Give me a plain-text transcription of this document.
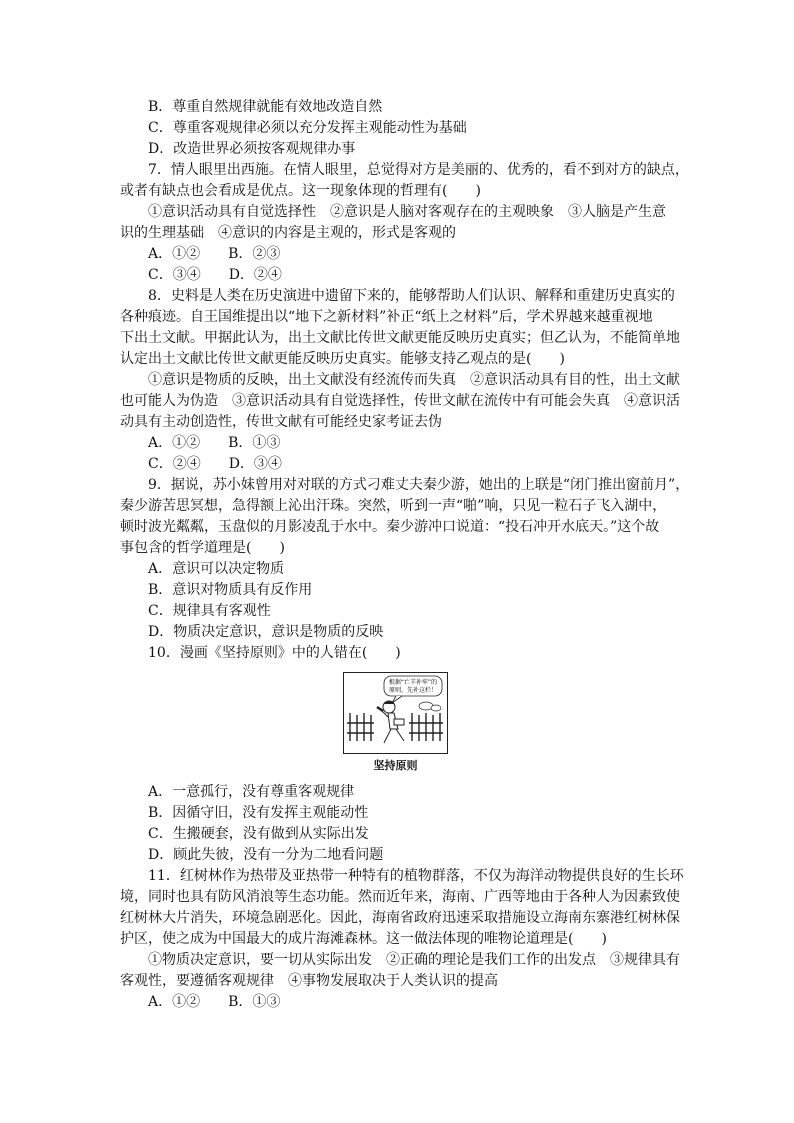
B．尊重自然规律就能有效地改造自然
C．尊重客观规律必须以充分发挥主观能动性为基础
D．改造世界必须按客观规律办事
7．情人眼里出西施。在情人眼里，总觉得对方是美丽的、优秀的，看不到对方的缺点，
或者有缺点也会看成是优点。这一现象体现的哲理有(　　)
①意识活动具有自觉选择性　②意识是人脑对客观存在的主观映象　③人脑是产生意
识的生理基础　④意识的内容是主观的，形式是客观的
A．①②　　B．②③
C．③④　　D．②④
8．史料是人类在历史演进中遗留下来的，能够帮助人们认识、解释和重建历史真实的
各种痕迹。自王国维提出以“地下之新材料”补正“纸上之材料”后，学术界越来越重视地
下出土文献。甲据此认为，出土文献比传世文献更能反映历史真实；但乙认为，不能简单地
认定出土文献比传世文献更能反映历史真实。能够支持乙观点的是(　　)
①意识是物质的反映，出土文献没有经流传而失真　②意识活动具有目的性，出土文献
也可能人为伪造　③意识活动具有自觉选择性，传世文献在流传中有可能会失真　④意识活
动具有主动创造性，传世文献有可能经史家考证去伪
A．①②　　B．①③
C．②④　　D．③④
9．据说，苏小妹曾用对对联的方式刁难丈夫秦少游，她出的上联是“闭门推出窗前月”，
秦少游苦思冥想，急得额上沁出汗珠。突然，听到一声“啪”响，只见一粒石子飞入湖中，
顿时波光粼粼，玉盘似的月影凌乱于水中。秦少游冲口说道：“投石冲开水底天。”这个故
事包含的哲学道理是(　　)
A．意识可以决定物质
B．意识对物质具有反作用
C．规律具有客观性
D．物质决定意识，意识是物质的反映
10．漫画《坚持原则》中的人错在(　　)
根据“亡羊补牢”的
原则，先补这栏！
坚持原则
A．一意孤行，没有尊重客观规律
B．因循守旧，没有发挥主观能动性
C．生搬硬套，没有做到从实际出发
D．顾此失彼，没有一分为二地看问题
11．红树林作为热带及亚热带一种特有的植物群落，不仅为海洋动物提供良好的生长环
境，同时也具有防风消浪等生态功能。然而近年来，海南、广西等地由于各种人为因素致使
红树林大片消失，环境急剧恶化。因此，海南省政府迅速采取措施设立海南东寨港红树林保
护区，使之成为中国最大的成片海滩森林。这一做法体现的唯物论道理是(　　)
①物质决定意识，要一切从实际出发　②正确的理论是我们工作的出发点　③规律具有
客观性，要遵循客观规律　④事物发展取决于人类认识的提高
A．①②　　B．①③
